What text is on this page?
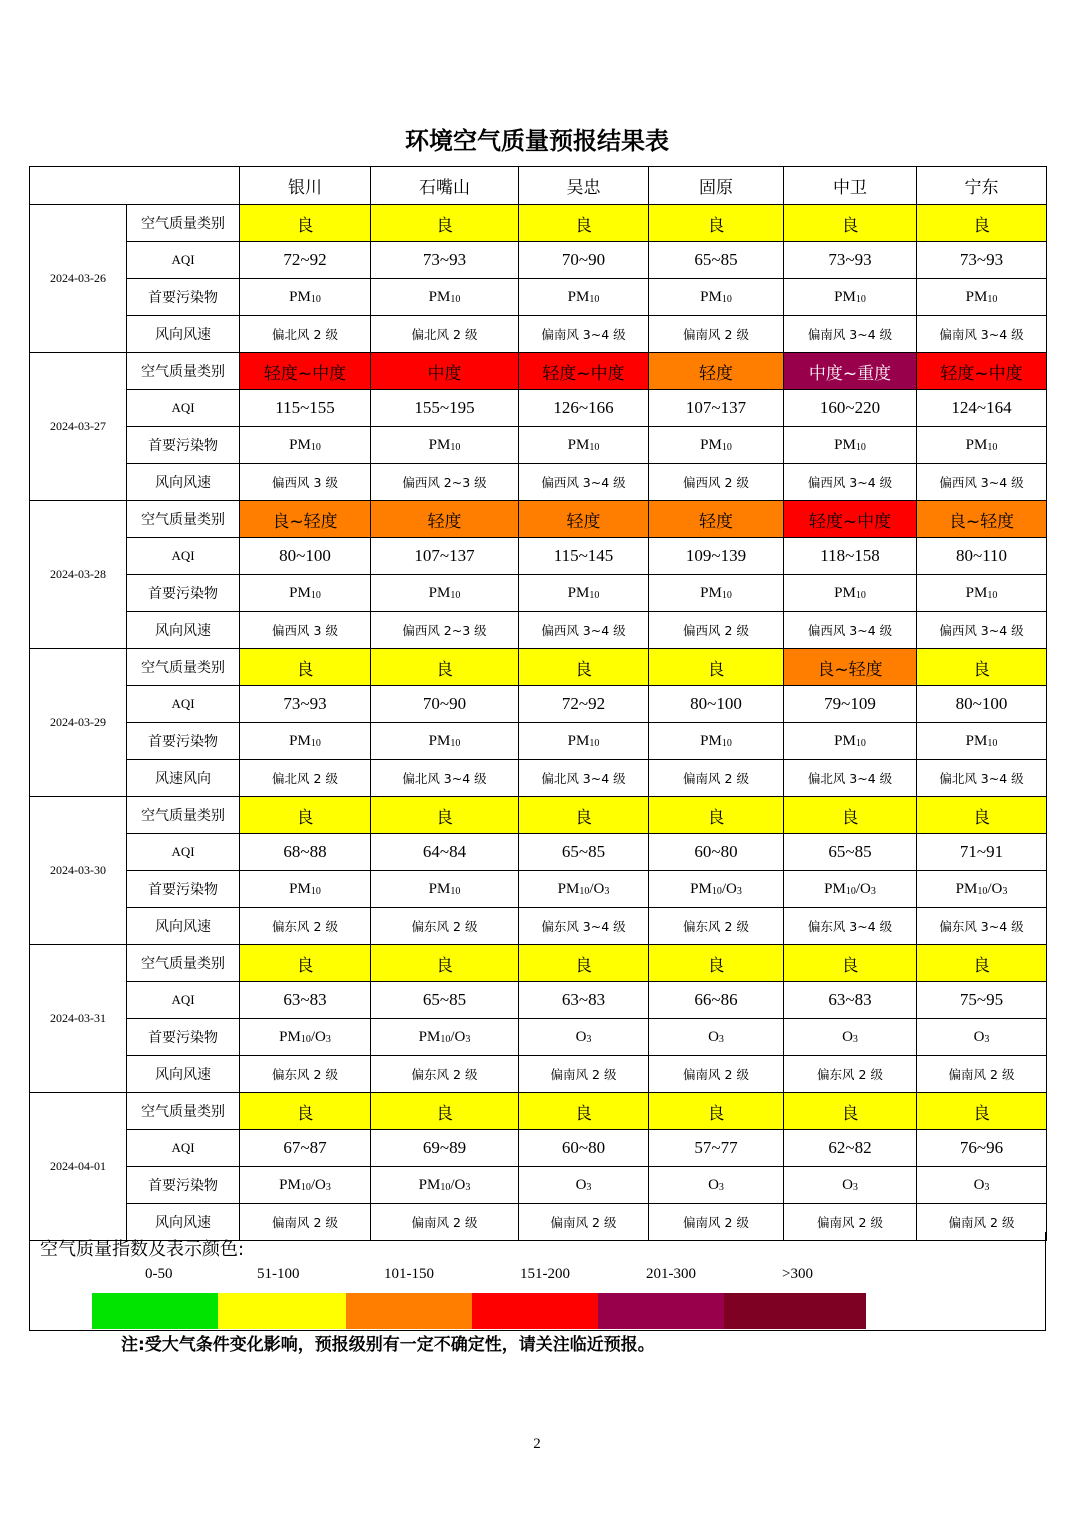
环境空气质量预报结果表
		银川	石嘴山	吴忠	固原	中卫	宁东
2024-03-26	空气质量类别	良	良	良	良	良	良
	AQI	72~92	73~93	70~90	65~85	73~93	73~93
	首要污染物	$PM_{10}$	$PM_{10}$	$PM_{10}$	$PM_{10}$	$PM_{10}$	$PM_{10}$
	风向风速	偏北风 2 级	偏北风 2 级	偏南风 3~4 级	偏南风 2 级	偏南风 3~4 级	偏南风 3~4 级
2024-03-27	空气质量类别	轻度~中度	中度	轻度~中度	轻度	中度~重度	轻度~中度
	AQI	115~155	155~195	126~166	107~137	160~220	124~164
	首要污染物	$PM_{10}$	$PM_{10}$	$PM_{10}$	$PM_{10}$	$PM_{10}$	$PM_{10}$
	风向风速	偏西风 3 级	偏西风 2~3 级	偏西风 3~4 级	偏西风 2 级	偏西风 3~4 级	偏西风 3~4 级
2024-03-28	空气质量类别	良~轻度	轻度	轻度	轻度	轻度~中度	良~轻度
	AQI	80~100	107~137	115~145	109~139	118~158	80~110
	首要污染物	$PM_{10}$	$PM_{10}$	$PM_{10}$	$PM_{10}$	$PM_{10}$	$PM_{10}$
	风向风速	偏西风 3 级	偏西风 2~3 级	偏西风 3~4 级	偏西风 2 级	偏西风 3~4 级	偏西风 3~4 级
2024-03-29	空气质量类别	良	良	良	良	良~轻度	良
	AQI	73~93	70~90	72~92	80~100	79~109	80~100
	首要污染物	$PM_{10}$	$PM_{10}$	$PM_{10}$	$PM_{10}$	$PM_{10}$	$PM_{10}$
	风速风向	偏北风 2 级	偏北风 3~4 级	偏北风 3~4 级	偏南风 2 级	偏北风 3~4 级	偏北风 3~4 级
2024-03-30	空气质量类别	良	良	良	良	良	良
	AQI	68~88	64~84	65~85	60~80	65~85	71~91
	首要污染物	$PM_{10}$	$PM_{10}$	$PM_{10}/O_3$	$PM_{10}/O_3$	$PM_{10}/O_3$	$PM_{10}/O_3$
	风向风速	偏东风 2 级	偏东风 2 级	偏东风 3~4 级	偏东风 2 级	偏东风 3~4 级	偏东风 3~4 级
2024-03-31	空气质量类别	良	良	良	良	良	良
	AQI	63~83	65~85	63~83	66~86	63~83	75~95
	首要污染物	$PM_{10}/O_3$	$PM_{10}/O_3$	$O_3$	$O_3$	$O_3$	$O_3$
	风向风速	偏东风 2 级	偏东风 2 级	偏南风 2 级	偏南风 2 级	偏东风 2 级	偏南风 2 级
2024-04-01	空气质量类别	良	良	良	良	良	良
	AQI	67~87	69~89	60~80	57~77	62~82	76~96
	首要污染物	$PM_{10}/O_3$	$PM_{10}/O_3$	$O_3$	$O_3$	$O_3$	$O_3$
	风向风速	偏南风 2 级	偏南风 2 级	偏南风 2 级	偏南风 2 级	偏南风 2 级	偏南风 2 级
空气质量指数及表示颜色:
0-50	51-100	101-150	151-200	201-300	>300
注:受大气条件变化影响，预报级别有一定不确定性，请关注临近预报。
2
